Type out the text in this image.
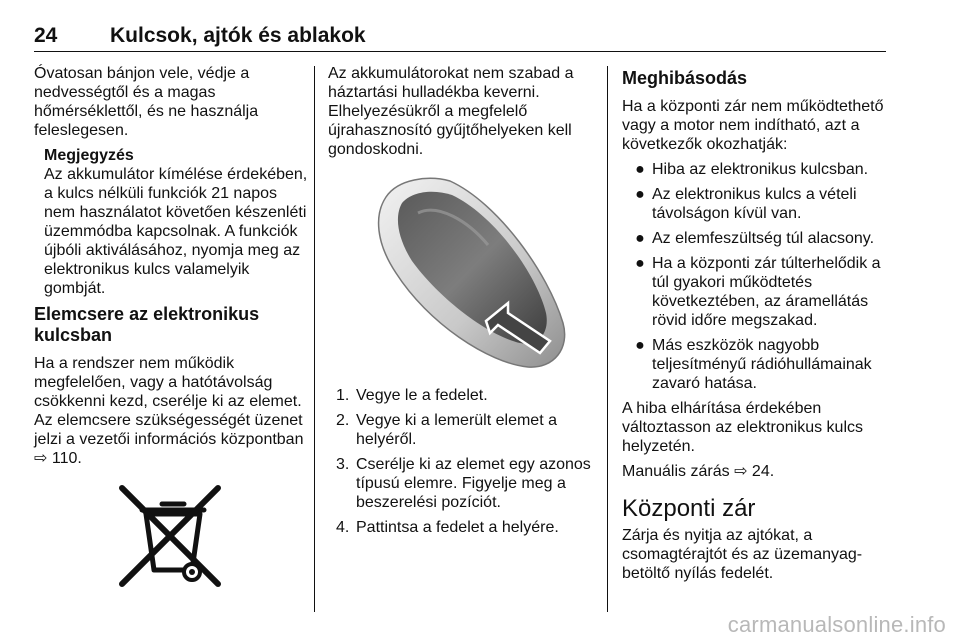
24	Kulcsok, ajtók és ablakok

Óvatosan bánjon vele, védje a nedvességtől és a magas hőmérséklettől, és ne használja feleslegesen.

Megjegyzés
Az akkumulátor kímélése érdekében, a kulcs nélküli funkciók 21 napos nem használatot követően készenléti üzemmódba kapcsolnak. A funkciók újbóli aktiválásához, nyomja meg az elektronikus kulcs valamelyik gombját.
Elemcsere az elektronikus kulcsban

Ha a rendszer nem működik megfelelően, vagy a hatótávolság csökkenni kezd, cserélje ki az elemet. Az elemcsere szükségességét üzenet jelzi a vezetői információs központban ⇨ 110.

Az akkumulátorokat nem szabad a háztartási hulladékba keverni. Elhelyezésükről a megfelelő újrahasznosító gyűjtőhelyeken kell gondoskodni.

1. Vegye le a fedelet.
2. Vegye ki a lemerült elemet a helyéről.
3. Cserélje ki az elemet egy azonos típusú elemre. Figyelje meg a beszerelési pozíciót.
4. Pattintsa a fedelet a helyére.
Meghibásodás

Ha a központi zár nem működtethető vagy a motor nem indítható, azt a következők okozhatják:

● Hiba az elektronikus kulcsban.
● Az elektronikus kulcs a vételi távolságon kívül van.
● Az elemfeszültség túl alacsony.
● Ha a központi zár túlterhelődik a túl gyakori működtetés következtében, az áramellátás rövid időre megszakad.
● Más eszközök nagyobb teljesítményű rádióhullámainak zavaró hatása.

A hiba elhárítása érdekében változtasson az elektronikus kulcs helyzetén.

Manuális zárás ⇨ 24.

Központi zár

Zárja és nyitja az ajtókat, a csomagtérajtót és az üzemanyag-betöltő nyílás fedelét.

carmanualsonline.info
